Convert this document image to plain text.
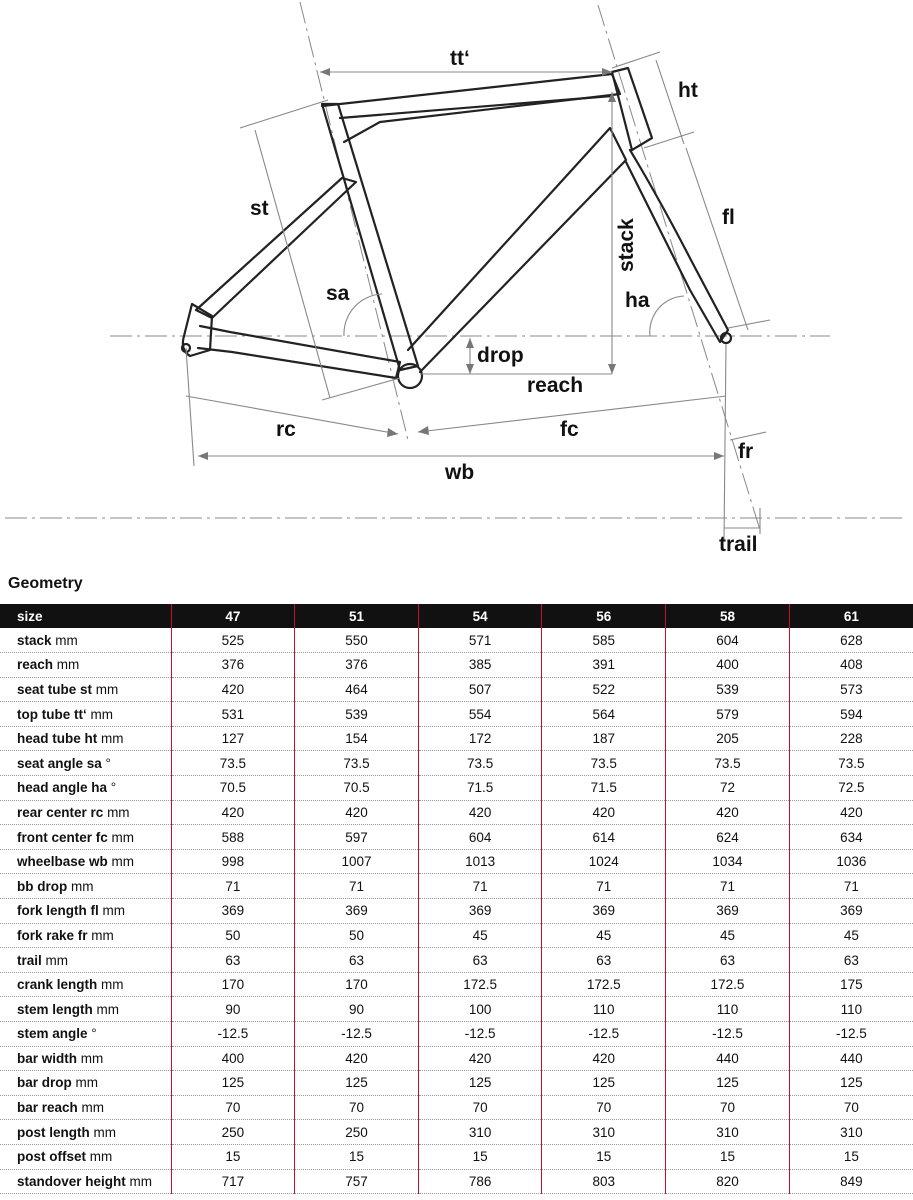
tt‘
ht
st	fl
stack
sa	ha
drop
reach
rc	fc
fr
wb
trail
Geometry
size	47	51	54	56	58	61
stack mm	525	550	571	585	604	628
reach mm	376	376	385	391	400	408
seat tube st mm	420	464	507	522	539	573
top tube tt‘ mm	531	539	554	564	579	594
head tube ht mm	127	154	172	187	205	228
seat angle sa °	73.5	73.5	73.5	73.5	73.5	73.5
head angle ha °	70.5	70.5	71.5	71.5	72	72.5
rear center rc mm	420	420	420	420	420	420
front center fc mm	588	597	604	614	624	634
wheelbase wb mm	998	1007	1013	1024	1034	1036
bb drop mm	71	71	71	71	71	71
fork length fl mm	369	369	369	369	369	369
fork rake fr mm	50	50	45	45	45	45
trail mm	63	63	63	63	63	63
crank length mm	170	170	172.5	172.5	172.5	175
stem length mm	90	90	100	110	110	110
stem angle °	-12.5	-12.5	-12.5	-12.5	-12.5	-12.5
bar width mm	400	420	420	420	440	440
bar drop mm	125	125	125	125	125	125
bar reach mm	70	70	70	70	70	70
post length mm	250	250	310	310	310	310
post offset mm	15	15	15	15	15	15
standover height mm	717	757	786	803	820	849
